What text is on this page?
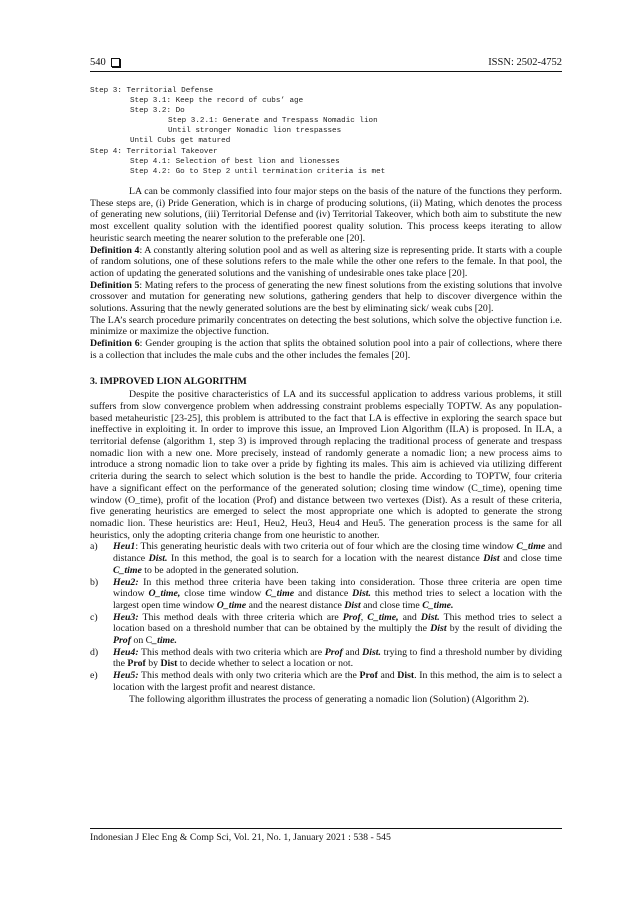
540	ISSN: 2502-4752
Step 3: Territorial Defense
Step 3.1: Keep the record of cubs’ age
Step 3.2: Do
Step 3.2.1: Generate and Trespass Nomadic lion
Until stronger Nomadic lion trespasses
Until Cubs get matured
Step 4: Territorial Takeover
Step 4.1: Selection of best lion and lionesses
Step 4.2: Go to Step 2 until termination criteria is met

LA can be commonly classified into four major steps on the basis of the nature of the functions they perform. These steps are, (i) Pride Generation, which is in charge of producing solutions, (ii) Mating, which denotes the process of generating new solutions, (iii) Territorial Defense and (iv) Territorial Takeover, which both aim to substitute the new most excellent quality solution with the identified poorest quality solution. This process keeps iterating to allow heuristic search meeting the nearer solution to the preferable one [20].

Definition 4: A constantly altering solution pool and as well as altering size is representing pride. It starts with a couple of random solutions, one of these solutions refers to the male while the other one refers to the female. In that pool, the action of updating the generated solutions and the vanishing of undesirable ones take place [20].

Definition 5: Mating refers to the process of generating the new finest solutions from the existing solutions that involve crossover and mutation for generating new solutions, gathering genders that help to discover divergence within the solutions. Assuring that the newly generated solutions are the best by eliminating sick/ weak cubs [20].

The LA’s search procedure primarily concentrates on detecting the best solutions, which solve the objective function i.e. minimize or maximize the objective function.

Definition 6: Gender grouping is the action that splits the obtained solution pool into a pair of collections, where there is a collection that includes the male cubs and the other includes the females [20].

3. IMPROVED LION ALGORITHM

Despite the positive characteristics of LA and its successful application to address various problems, it still suffers from slow convergence problem when addressing constraint problems especially TOPTW. As any population-based metaheuristic [23-25], this problem is attributed to the fact that LA is effective in exploring the search space but ineffective in exploiting it. In order to improve this issue, an Improved Lion Algorithm (ILA) is proposed. In ILA, a territorial defense (algorithm 1, step 3) is improved through replacing the traditional process of generate and trespass nomadic lion with a new one. More precisely, instead of randomly generate a nomadic lion; a new process aims to introduce a strong nomadic lion to take over a pride by fighting its males. This aim is achieved via utilizing different criteria during the search to select which solution is the best to handle the pride. According to TOPTW, four criteria have a significant effect on the performance of the generated solution; closing time window (C_time), opening time window (O_time), profit of the location (Prof) and distance between two vertexes (Dist). As a result of these criteria, five generating heuristics are emerged to select the most appropriate one which is adopted to generate the strong nomadic lion. These heuristics are: Heu1, Heu2, Heu3, Heu4 and Heu5. The generation process is the same for all heuristics, only the adopting criteria change from one heuristic to another.

a)	Heu1: This generating heuristic deals with two criteria out of four which are the closing time window C_time and distance Dist. In this method, the goal is to search for a location with the nearest distance Dist and close time C_time to be adopted in the generated solution.
b)	Heu2: In this method three criteria have been taking into consideration. Those three criteria are open time window O_time, close time window C_time and distance Dist. this method tries to select a location with the largest open time window O_time and the nearest distance Dist and close time C_time.
c)	Heu3: This method deals with three criteria which are Prof, C_time, and Dist. This method tries to select a location based on a threshold number that can be obtained by the multiply the Dist by the result of dividing the Prof on C_time.
d)	Heu4: This method deals with two criteria which are Prof and Dist. trying to find a threshold number by dividing the Prof by Dist to decide whether to select a location or not.
e)	Heu5: This method deals with only two criteria which are the Prof and Dist. In this method, the aim is to select a location with the largest profit and nearest distance.

The following algorithm illustrates the process of generating a nomadic lion (Solution) (Algorithm 2).

Indonesian J Elec Eng & Comp Sci, Vol. 21, No. 1, January 2021 : 538 - 545
